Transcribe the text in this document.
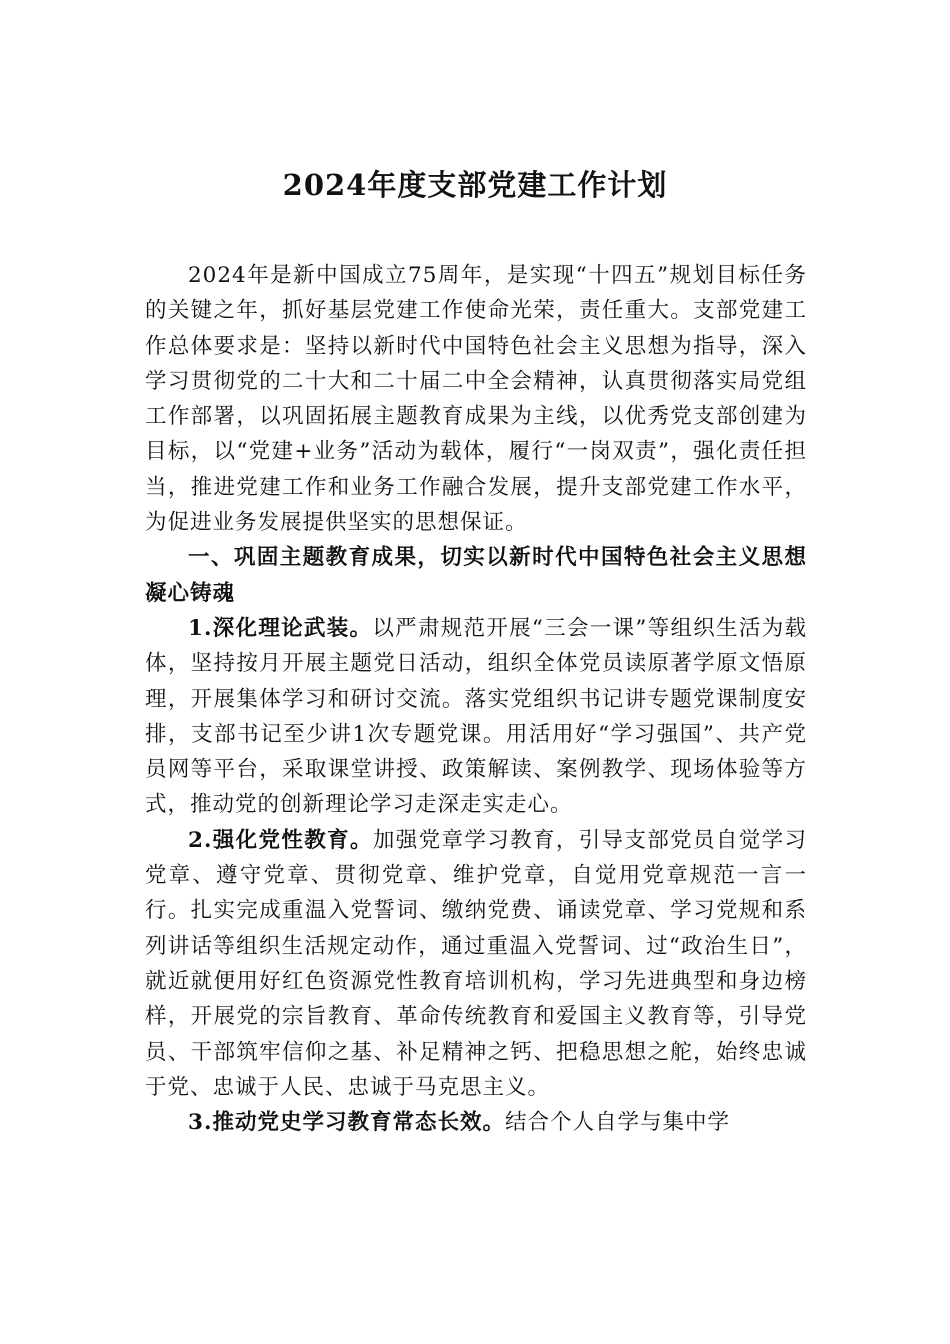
2024年度支部党建工作计划

2024年是新中国成立75周年，是实现“十四五”规划目标任务的关键之年，抓好基层党建工作使命光荣，责任重大。支部党建工作总体要求是：坚持以新时代中国特色社会主义思想为指导，深入学习贯彻党的二十大和二十届二中全会精神，认真贯彻落实局党组工作部署，以巩固拓展主题教育成果为主线，以优秀党支部创建为目标，以“党建+业务”活动为载体，履行“一岗双责”，强化责任担当，推进党建工作和业务工作融合发展，提升支部党建工作水平，为促进业务发展提供坚实的思想保证。

一、巩固主题教育成果，切实以新时代中国特色社会主义思想凝心铸魂

1.深化理论武装。以严肃规范开展“三会一课”等组织生活为载体，坚持按月开展主题党日活动，组织全体党员读原著学原文悟原理，开展集体学习和研讨交流。落实党组织书记讲专题党课制度安排，支部书记至少讲1次专题党课。用活用好“学习强国”、共产党员网等平台，采取课堂讲授、政策解读、案例教学、现场体验等方式，推动党的创新理论学习走深走实走心。

2.强化党性教育。加强党章学习教育，引导支部党员自觉学习党章、遵守党章、贯彻党章、维护党章，自觉用党章规范一言一行。扎实完成重温入党誓词、缴纳党费、诵读党章、学习党规和系列讲话等组织生活规定动作，通过重温入党誓词、过“政治生日”，就近就便用好红色资源党性教育培训机构，学习先进典型和身边榜样，开展党的宗旨教育、革命传统教育和爱国主义教育等，引导党员、干部筑牢信仰之基、补足精神之钙、把稳思想之舵，始终忠诚于党、忠诚于人民、忠诚于马克思主义。

3.推动党史学习教育常态长效。结合个人自学与集中学
